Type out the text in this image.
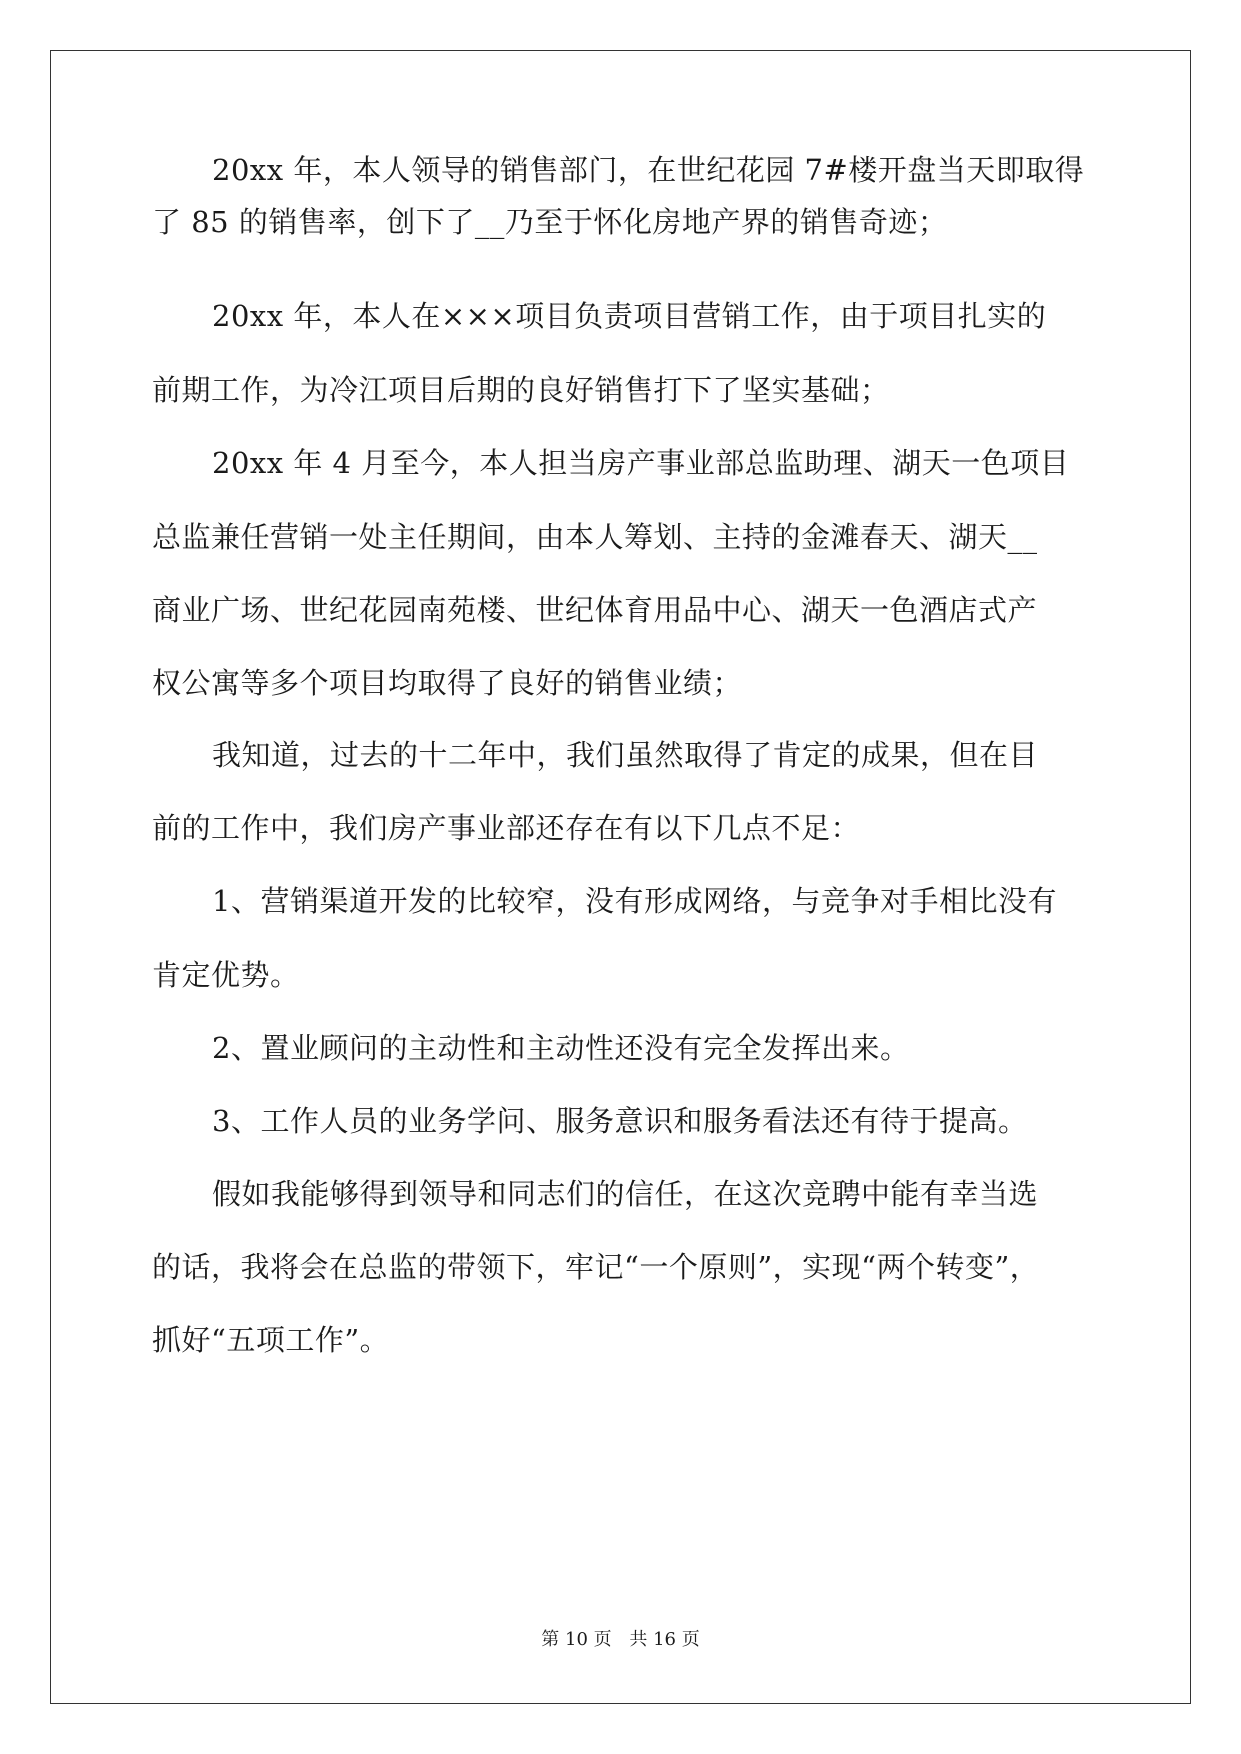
20xx 年，本人领导的销售部门，在世纪花园 7#楼开盘当天即取得
了 85 的销售率，创下了__乃至于怀化房地产界的销售奇迹；
20xx 年，本人在×××项目负责项目营销工作，由于项目扎实的
前期工作，为冷江项目后期的良好销售打下了坚实基础；
20xx 年 4 月至今，本人担当房产事业部总监助理、湖天一色项目
总监兼任营销一处主任期间，由本人筹划、主持的金滩春天、湖天__
商业广场、世纪花园南苑楼、世纪体育用品中心、湖天一色酒店式产
权公寓等多个项目均取得了良好的销售业绩；
我知道，过去的十二年中，我们虽然取得了肯定的成果，但在目
前的工作中，我们房产事业部还存在有以下几点不足：
1、营销渠道开发的比较窄，没有形成网络，与竞争对手相比没有
肯定优势。
2、置业顾问的主动性和主动性还没有完全发挥出来。
3、工作人员的业务学问、服务意识和服务看法还有待于提高。
假如我能够得到领导和同志们的信任，在这次竞聘中能有幸当选
的话，我将会在总监的带领下，牢记“一个原则”，实现“两个转变”，
抓好“五项工作”。
第 10 页 共 16 页
